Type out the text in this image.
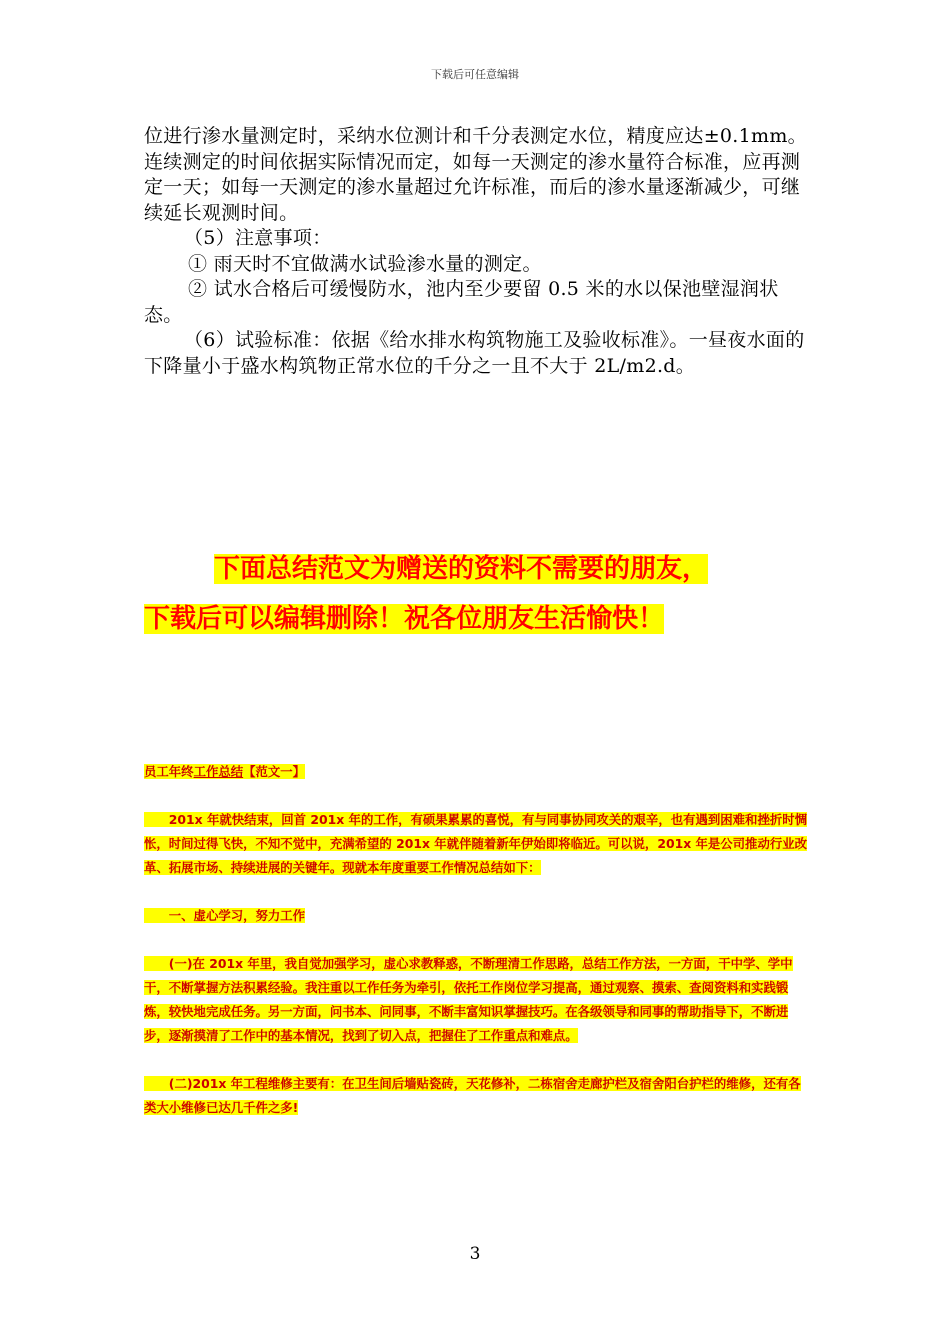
下载后可任意编辑

位进行渗水量测定时，采纳水位测计和千分表测定水位，精度应达±0.1mm。连续测定的时间依据实际情况而定，如每一天测定的渗水量符合标准，应再测定一天；如每一天测定的渗水量超过允许标准，而后的渗水量逐渐减少，可继续延长观测时间。

（5）注意事项：

① 雨天时不宜做满水试验渗水量的测定。

② 试水合格后可缓慢防水，池内至少要留 0.5 米的水以保池壁湿润状态。

（6）试验标准：依据《给水排水构筑物施工及验收标准》。一昼夜水面的下降量小于盛水构筑物正常水位的千分之一且不大于 2L/m2.d。

下面总结范文为赠送的资料不需要的朋友，
下载后可以编辑删除！祝各位朋友生活愉快！

员工年终工作总结【范文一】

　　201x 年就快结束，回首 201x 年的工作，有硕果累累的喜悦，有与同事协同攻关的艰辛，也有遇到困难和挫折时惆怅，时间过得飞快，不知不觉中，充满希望的 201x 年就伴随着新年伊始即将临近。可以说，201x 年是公司推动行业改革、拓展市场、持续进展的关键年。现就本年度重要工作情况总结如下：

　　一、虚心学习，努力工作

　　(一)在 201x 年里，我自觉加强学习，虚心求教释惑，不断理清工作思路，总结工作方法，一方面，干中学、学中干，不断掌握方法积累经验。我注重以工作任务为牵引，依托工作岗位学习提高，通过观察、摸索、查阅资料和实践锻炼，较快地完成任务。另一方面，问书本、问同事，不断丰富知识掌握技巧。在各级领导和同事的帮助指导下，不断进步，逐渐摸清了工作中的基本情况，找到了切入点，把握住了工作重点和难点。

　　(二)201x 年工程维修主要有：在卫生间后墙贴瓷砖，天花修补，二栋宿舍走廊护栏及宿舍阳台护栏的维修，还有各类大小维修已达几千件之多!

3
